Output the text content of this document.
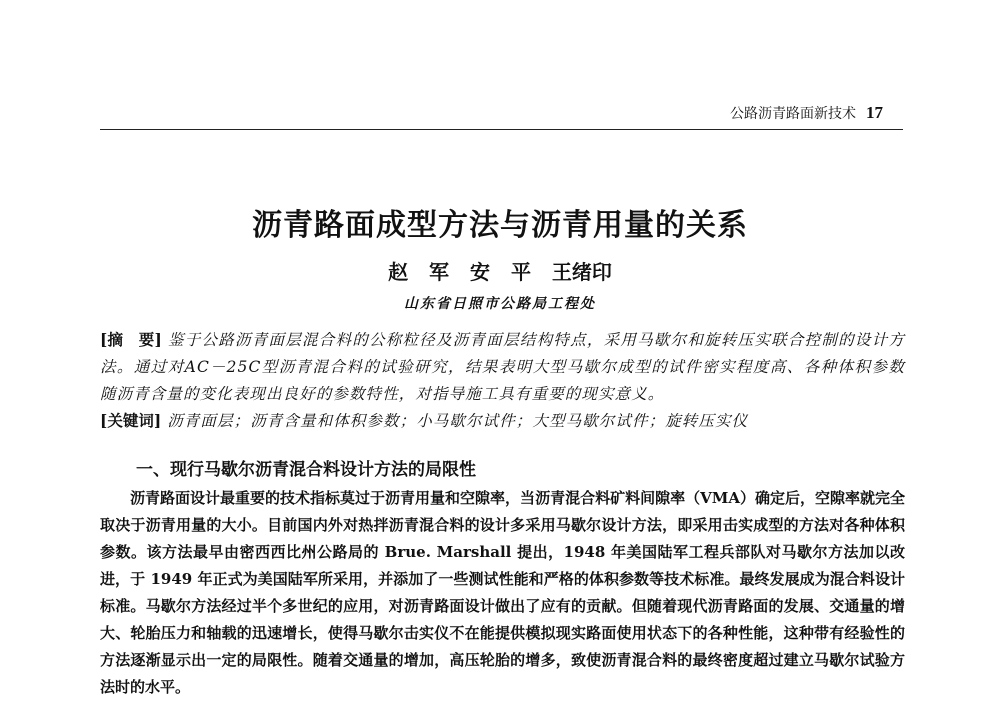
公路沥青路面新技术 17
沥青路面成型方法与沥青用量的关系
赵 军 安 平 王绪印
山东省日照市公路局工程处
[摘　要] 鉴于公路沥青面层混合料的公称粒径及沥青面层结构特点，采用马歇尔和旋转压实联合控制的设计方法。通过对AC－25C型沥青混合料的试验研究，结果表明大型马歇尔成型的试件密实程度高、各种体积参数随沥青含量的变化表现出良好的参数特性，对指导施工具有重要的现实意义。
[关键词] 沥青面层；沥青含量和体积参数；小马歇尔试件；大型马歇尔试件；旋转压实仪
一、现行马歇尔沥青混合料设计方法的局限性
沥青路面设计最重要的技术指标莫过于沥青用量和空隙率，当沥青混合料矿料间隙率（VMA）确定后，空隙率就完全取决于沥青用量的大小。目前国内外对热拌沥青混合料的设计多采用马歇尔设计方法，即采用击实成型的方法对各种体积参数。该方法最早由密西西比州公路局的 Brue. Marshall 提出，1948 年美国陆军工程兵部队对马歇尔方法加以改进，于 1949 年正式为美国陆军所采用，并添加了一些测试性能和严格的体积参数等技术标准。最终发展成为混合料设计标准。马歇尔方法经过半个多世纪的应用，对沥青路面设计做出了应有的贡献。但随着现代沥青路面的发展、交通量的增大、轮胎压力和轴载的迅速增长，使得马歇尔击实仪不在能提供模拟现实路面使用状态下的各种性能，这种带有经验性的方法逐渐显示出一定的局限性。随着交通量的增加，高压轮胎的增多，致使沥青混合料的最终密度超过建立马歇尔试验方法时的水平。
